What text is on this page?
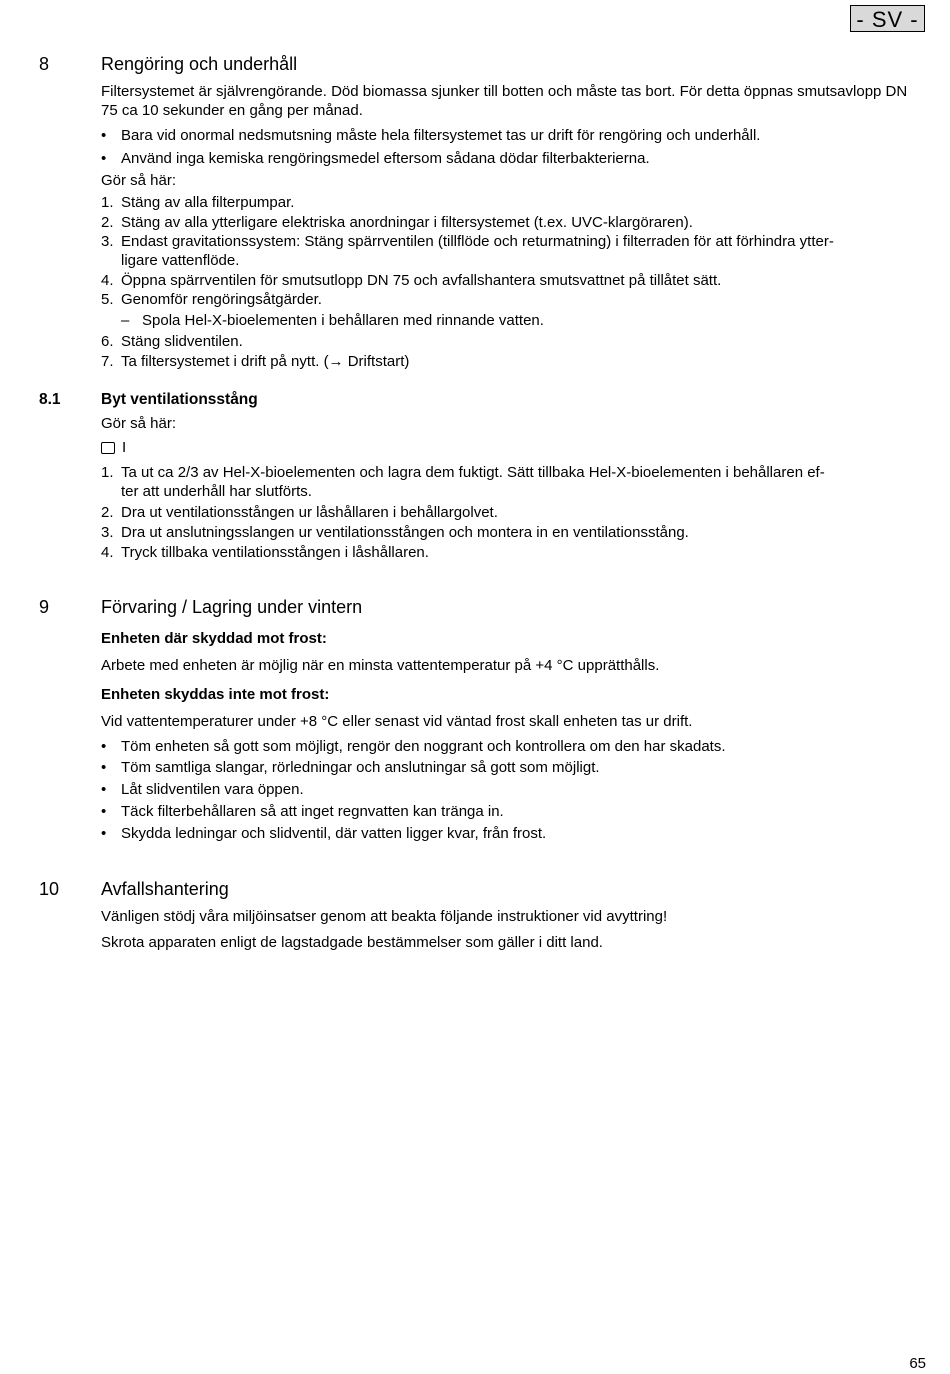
- SV -
8	Rengöring och underhåll
Filtersystemet är självrengörande. Död biomassa sjunker till botten och måste tas bort. För detta öppnas smutsavlopp DN 75 ca 10 sekunder en gång per månad.
• Bara vid onormal nedsmutsning måste hela filtersystemet tas ur drift för rengöring och underhåll.
• Använd inga kemiska rengöringsmedel eftersom sådana dödar filterbakterierna.
Gör så här:
1. Stäng av alla filterpumpar.
2. Stäng av alla ytterligare elektriska anordningar i filtersystemet (t.ex. UVC-klargöraren).
3. Endast gravitationssystem: Stäng spärrventilen (tillflöde och returmatning) i filterraden för att förhindra ytter-
ligare vattenflöde.
4. Öppna spärrventilen för smutsutlopp DN 75 och avfallshantera smutsvattnet på tillåtet sätt.
5. Genomför rengöringsåtgärder.
– Spola Hel-X-bioelementen i behållaren med rinnande vatten.
6. Stäng slidventilen.
7. Ta filtersystemet i drift på nytt. (→ Driftstart)
8.1	Byt ventilationsstång
Gör så här:
I
1. Ta ut ca 2/3 av Hel-X-bioelementen och lagra dem fuktigt. Sätt tillbaka Hel-X-bioelementen i behållaren ef-
ter att underhåll har slutförts.
2. Dra ut ventilationsstången ur låshållaren i behållargolvet.
3. Dra ut anslutningsslangen ur ventilationsstången och montera in en ventilationsstång.
4. Tryck tillbaka ventilationsstången i låshållaren.
9	Förvaring / Lagring under vintern
Enheten där skyddad mot frost:
Arbete med enheten är möjlig när en minsta vattentemperatur på +4 °C upprätthålls.
Enheten skyddas inte mot frost:
Vid vattentemperaturer under +8 °C eller senast vid väntad frost skall enheten tas ur drift.
• Töm enheten så gott som möjligt, rengör den noggrant och kontrollera om den har skadats.
• Töm samtliga slangar, rörledningar och anslutningar så gott som möjligt.
• Låt slidventilen vara öppen.
• Täck filterbehållaren så att inget regnvatten kan tränga in.
• Skydda ledningar och slidventil, där vatten ligger kvar, från frost.
10 Avfallshantering
Vänligen stödj våra miljöinsatser genom att beakta följande instruktioner vid avyttring!
Skrota apparaten enligt de lagstadgade bestämmelser som gäller i ditt land.
65
